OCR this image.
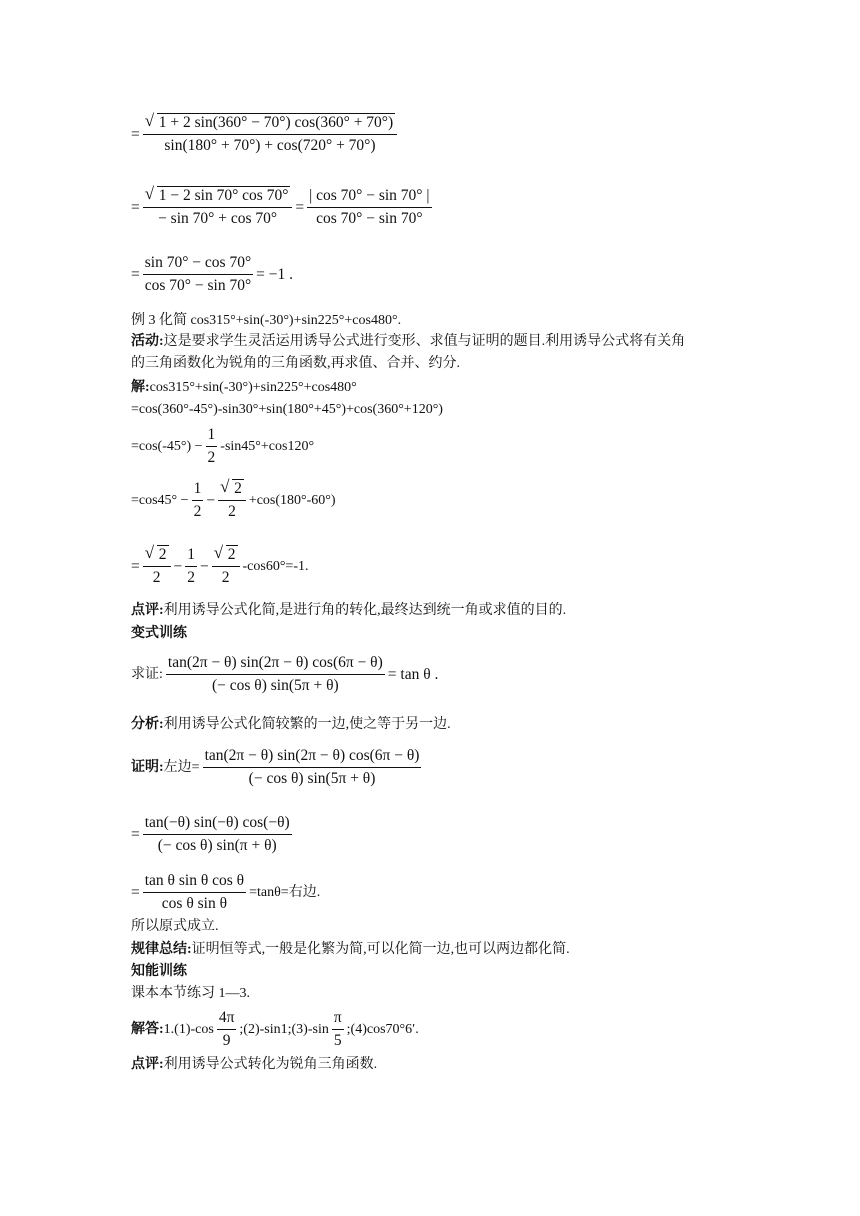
= √ $\frac{1 + 2 \sin(360^\circ - 70^\circ) \cos(360^\circ + 70^\circ)}{\sin(180^\circ + 70^\circ) + \cos(720^\circ + 70^\circ)}$
= √ $\frac{1 - 2 \sin 70^\circ \cos 70^\circ}{- \sin 70^\circ + \cos 70^\circ} = \frac{| \cos 70^\circ - \sin 70^\circ |}{\cos 70^\circ - \sin 70^\circ}$
= $\frac{\sin 70^\circ - \cos 70^\circ}{\cos 70^\circ - \sin 70^\circ} = -1$ .
例 3 化简 cos315°+sin(-30°)+sin225°+cos480°.
活动:这是要求学生灵活运用诱导公式进行变形、求值与证明的题目.利用诱导公式将有关角
的三角函数化为锐角的三角函数,再求值、合并、约分.
解:cos315°+sin(-30°)+sin225°+cos480°
=cos(360°-45°)-sin30°+sin(180°+45°)+cos(360°+120°)
$=\cos(-45^\circ) - \frac{1}{2} -\sin 45^\circ+\cos 120^\circ$
$=\cos 45^\circ - \frac{1}{2}$ − √ $\frac{2}{2} +\cos(180^\circ-60^\circ)$
= √ $\frac{2}{2} - \frac{1}{2}$ − √ $\frac{2}{2} -\cos 60^\circ=-1$.
点评:利用诱导公式化简,是进行角的转化,最终达到统一角或求值的目的.
变式训练
求证: $\frac{\tan(2\pi - \theta) \sin(2\pi - \theta) \cos(6\pi - \theta)}{\text{(− cos θ) sin(5π + θ)}} = \tan \theta$ .
分析:利用诱导公式化简较繁的一边,使之等于另一边.
证明: 左边= $\frac{\tan(2\pi - \theta) \sin(2\pi - \theta) \cos(6\pi - \theta)}{\text{(− cos θ) sin(5π + θ)}}$
= $\frac{\tan(-\theta) \sin(-\theta) \cos(-\theta)}{\text{(− cos θ) sin(π + θ)}}$
= $\frac{\text{tan θ sin θ cos θ}}{\text{cos θ sin θ}} =\tan\theta=$右边.
所以原式成立.
规律总结:证明恒等式,一般是化繁为简,可以化简一边,也可以两边都化简.
知能训练
课本本节练习 1—3.
解答: $1.(1)-\cos \frac{4\pi}{9}$ ;(2)-sin1;(3)-sin $\frac{\pi}{5}$ ;(4)cos70°6′.
点评:利用诱导公式转化为锐角三角函数.
